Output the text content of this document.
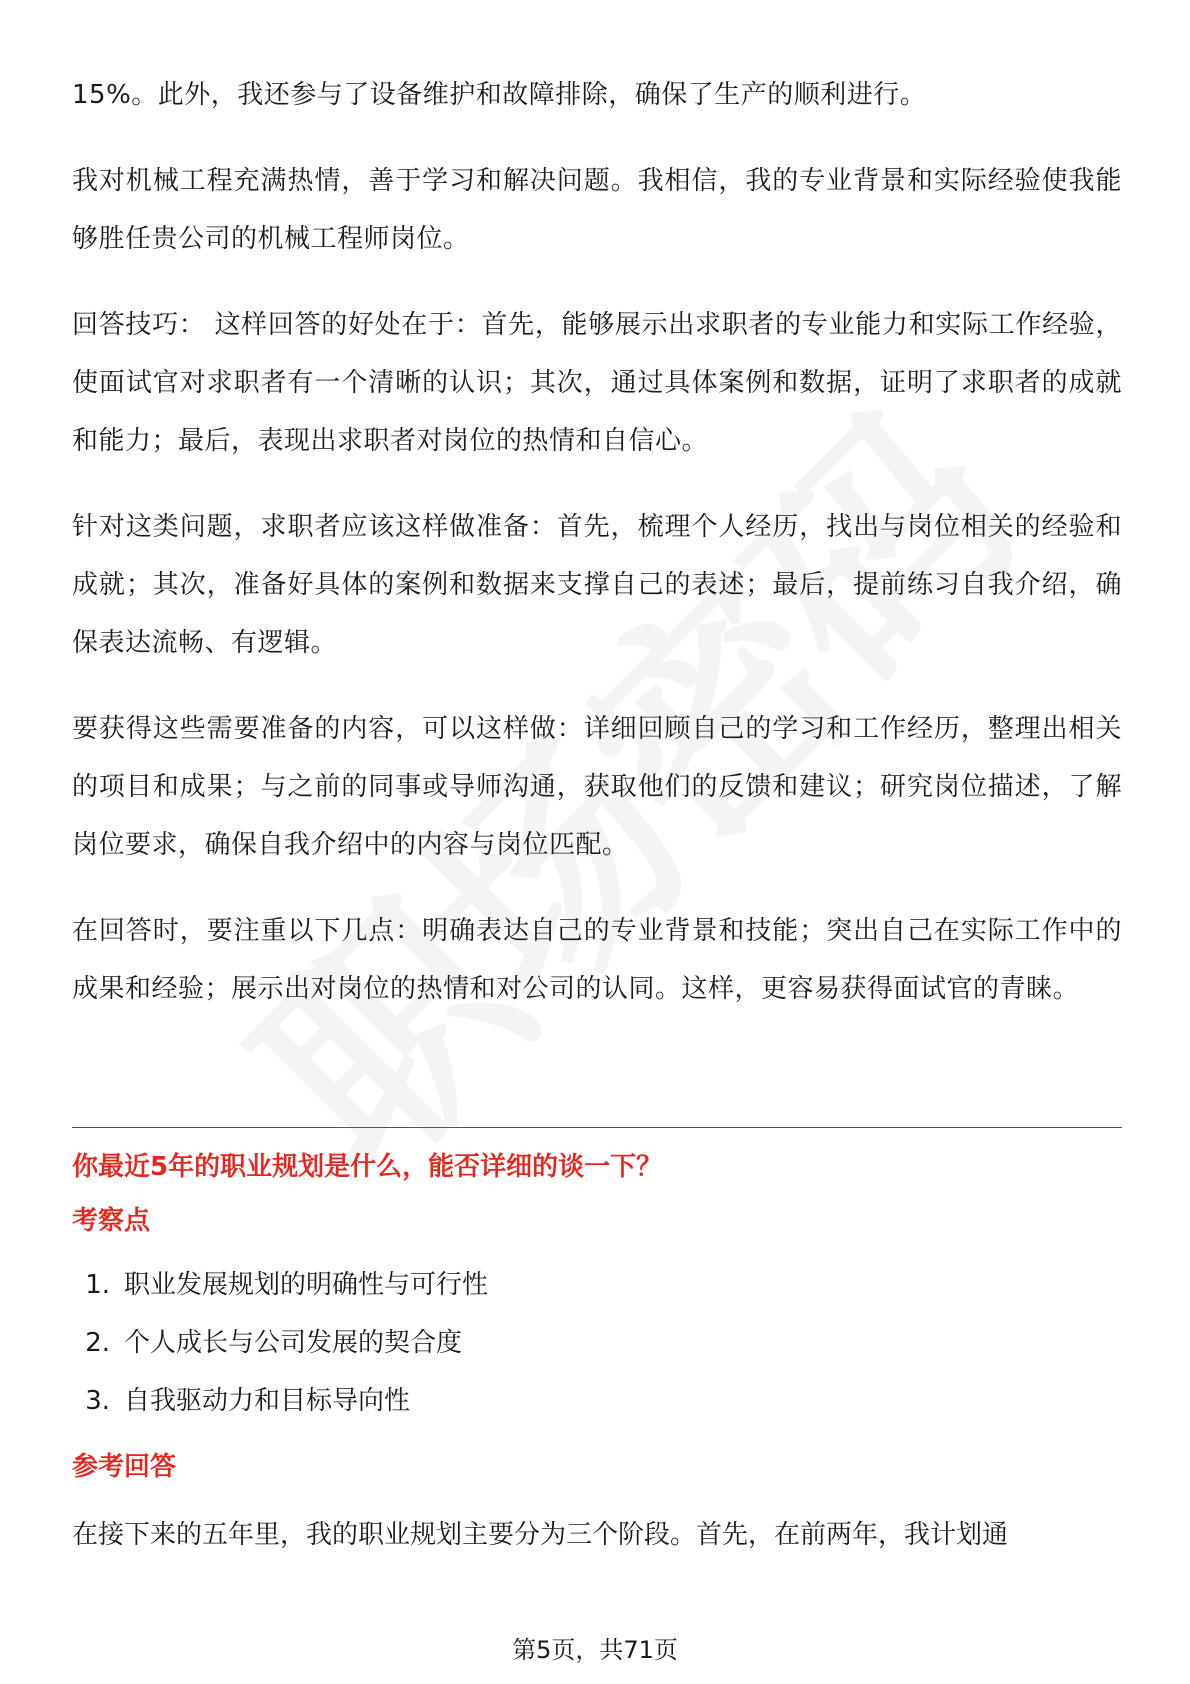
15%。此外，我还参与了设备维护和故障排除，确保了生产的顺利进行。

我对机械工程充满热情，善于学习和解决问题。我相信，我的专业背景和实际经验使我能够胜任贵公司的机械工程师岗位。

回答技巧： 这样回答的好处在于：首先，能够展示出求职者的专业能力和实际工作经验，使面试官对求职者有一个清晰的认识；其次，通过具体案例和数据，证明了求职者的成就和能力；最后，表现出求职者对岗位的热情和自信心。

针对这类问题，求职者应该这样做准备：首先，梳理个人经历，找出与岗位相关的经验和成就；其次，准备好具体的案例和数据来支撑自己的表述；最后，提前练习自我介绍，确保表达流畅、有逻辑。

要获得这些需要准备的内容，可以这样做：详细回顾自己的学习和工作经历，整理出相关的项目和成果；与之前的同事或导师沟通，获取他们的反馈和建议；研究岗位描述，了解岗位要求，确保自我介绍中的内容与岗位匹配。

在回答时，要注重以下几点：明确表达自己的专业背景和技能；突出自己在实际工作中的成果和经验；展示出对岗位的热情和对公司的认同。这样，更容易获得面试官的青睐。

你最近5年的职业规划是什么，能否详细的谈一下？
考察点
1. 职业发展规划的明确性与可行性
2. 个人成长与公司发展的契合度
3. 自我驱动力和目标导向性
参考回答

在接下来的五年里，我的职业规划主要分为三个阶段。首先，在前两年，我计划通

第5页，共71页
